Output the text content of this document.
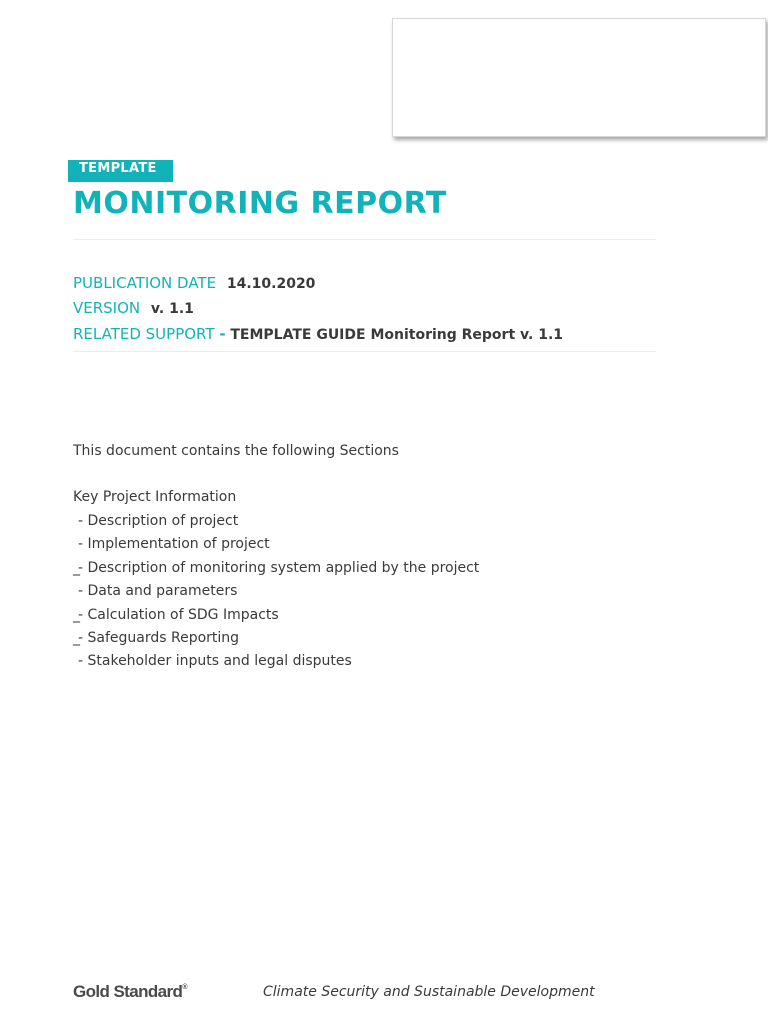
TEMPLATE
MONITORING REPORT
PUBLICATION DATE 14.10.2020
VERSION v. 1.1
RELATED SUPPORT - TEMPLATE GUIDE Monitoring Report v. 1.1
This document contains the following Sections
Key Project Information
- Description of project
- Implementation of project
_- Description of monitoring system applied by the project
- Data and parameters
_- Calculation of SDG Impacts
_- Safeguards Reporting
- Stakeholder inputs and legal disputes
Gold Standard®	Climate Security and Sustainable Development
